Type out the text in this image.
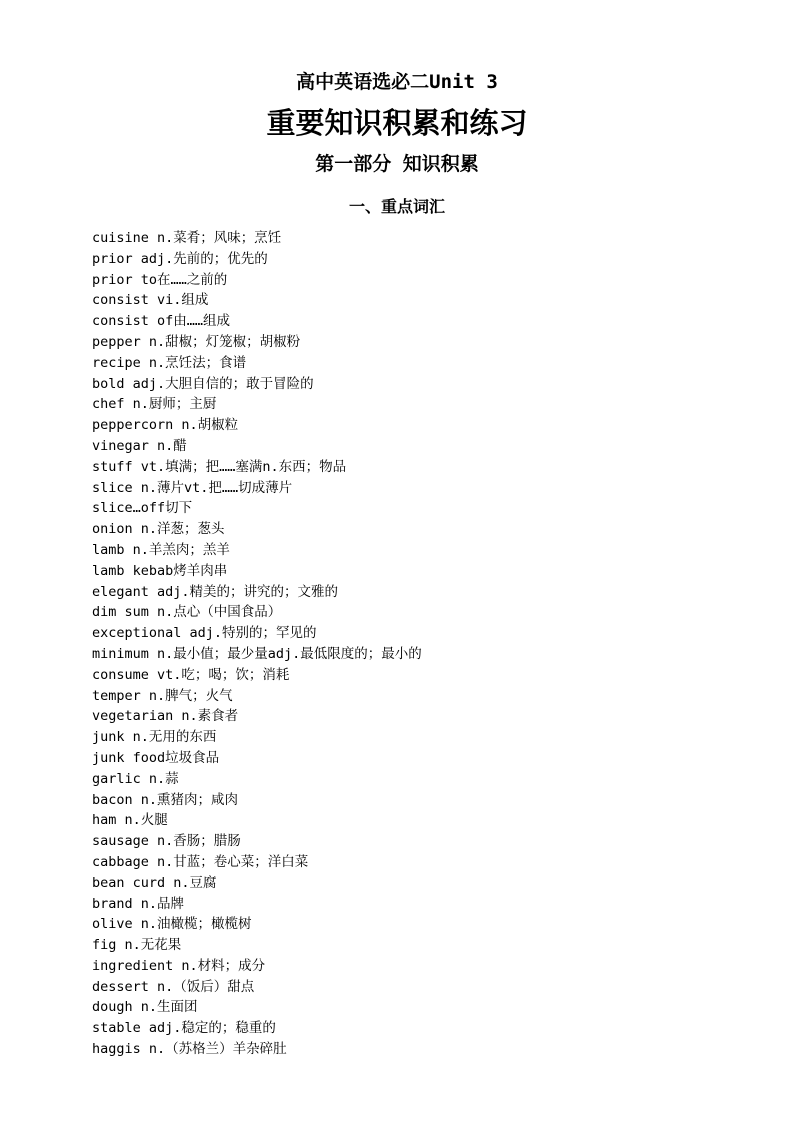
高中英语选必二Unit 3
重要知识积累和练习
第一部分 知识积累
一、重点词汇
cuisine n.菜肴；风味；烹饪
prior adj.先前的；优先的
prior to在……之前的
consist vi.组成
consist of由……组成
pepper n.甜椒；灯笼椒；胡椒粉
recipe n.烹饪法；食谱
bold adj.大胆自信的；敢于冒险的
chef n.厨师；主厨
peppercorn n.胡椒粒
vinegar n.醋
stuff vt.填满；把……塞满n.东西；物品
slice n.薄片vt.把……切成薄片
slice…off切下
onion n.洋葱；葱头
lamb n.羊羔肉；羔羊
lamb kebab烤羊肉串
elegant adj.精美的；讲究的；文雅的
dim sum n.点心（中国食品）
exceptional adj.特别的；罕见的
minimum n.最小值；最少量adj.最低限度的；最小的
consume vt.吃；喝；饮；消耗
temper n.脾气；火气
vegetarian n.素食者
junk n.无用的东西
junk food垃圾食品
garlic n.蒜
bacon n.熏猪肉；咸肉
ham n.火腿
sausage n.香肠；腊肠
cabbage n.甘蓝；卷心菜；洋白菜
bean curd n.豆腐
brand n.品牌
olive n.油橄榄；橄榄树
fig n.无花果
ingredient n.材料；成分
dessert n.（饭后）甜点
dough n.生面团
stable adj.稳定的；稳重的
haggis n.（苏格兰）羊杂碎肚
